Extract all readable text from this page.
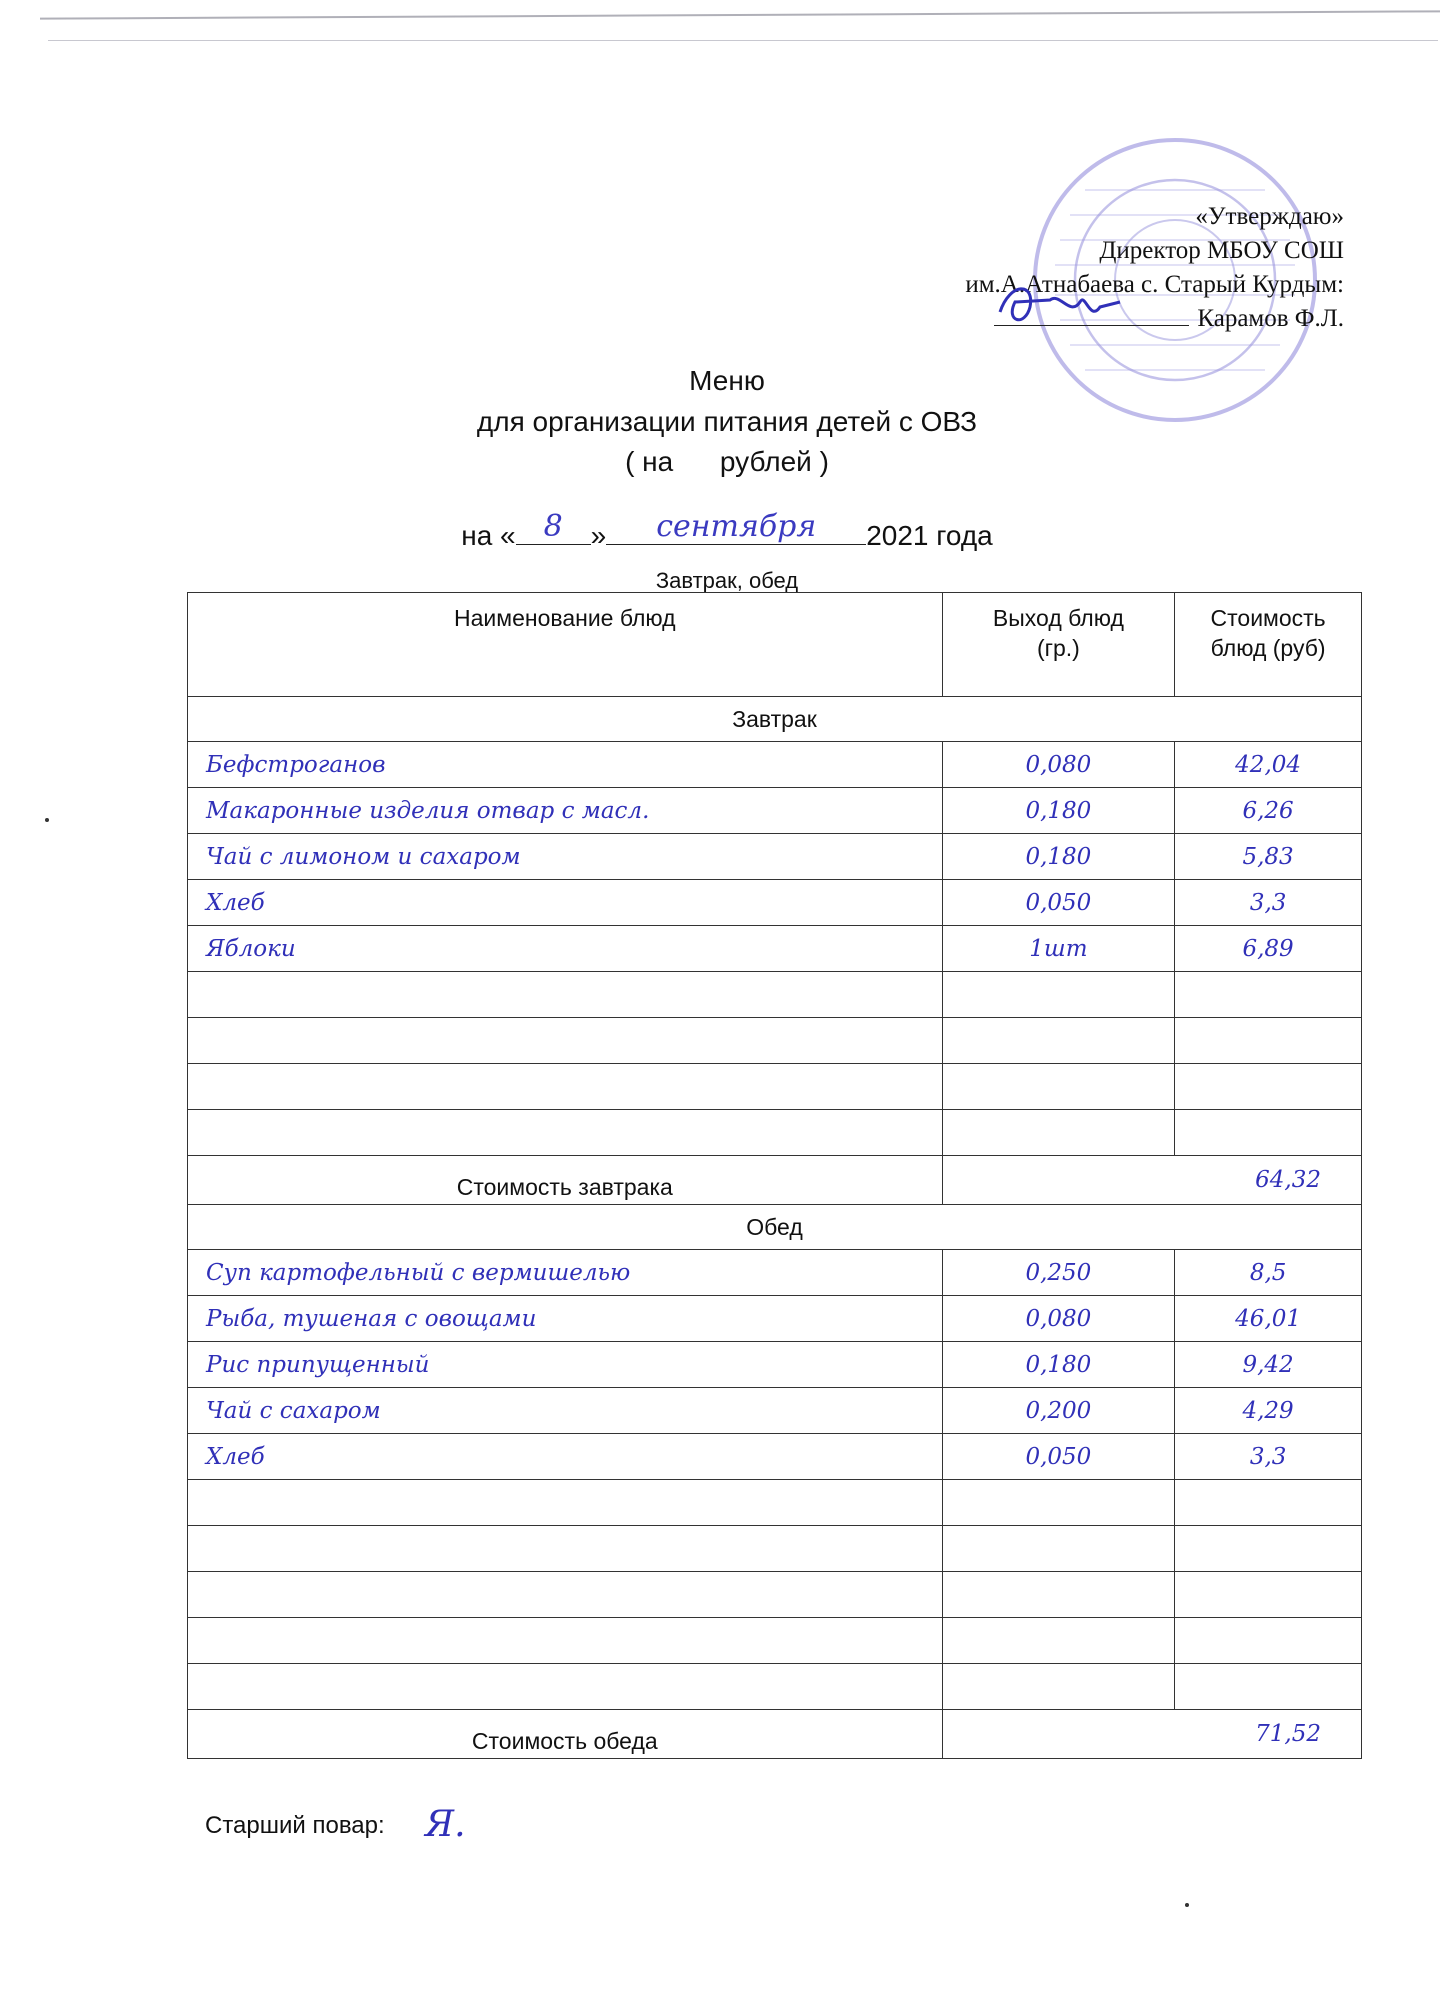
«Утверждаю»
Директор МБОУ СОШ
им.А.Атнабаева с. Старый Курдым:
Карамов Ф.Л.
Меню
для организации питания детей с ОВЗ
( на рублей )
на « 8 »	сентября	2021 года
Завтрак, обед
Наименование блюд	Выход блюд (гр.)	Стоимость блюд (руб)

Завтрак		
Бефстроганов	0,080	42,04
Макаронные изделия отвар с масл.	0,180	6,26
Чай с лимоном и сахаром	0,180	5,83
Хлеб	0,050	3,3
Яблоки	1шт	6,89

Стоимость завтрака	64,32	
Обед		
Суп картофельный с вермишелью	0,250	8,5
Рыба, тушеная с овощами	0,080	46,01
Рис припущенный	0,180	9,42
Чай с сахаром	0,200	4,29
Хлеб	0,050	3,3

Стоимость обеда	71,52	
Старший повар: Я.
